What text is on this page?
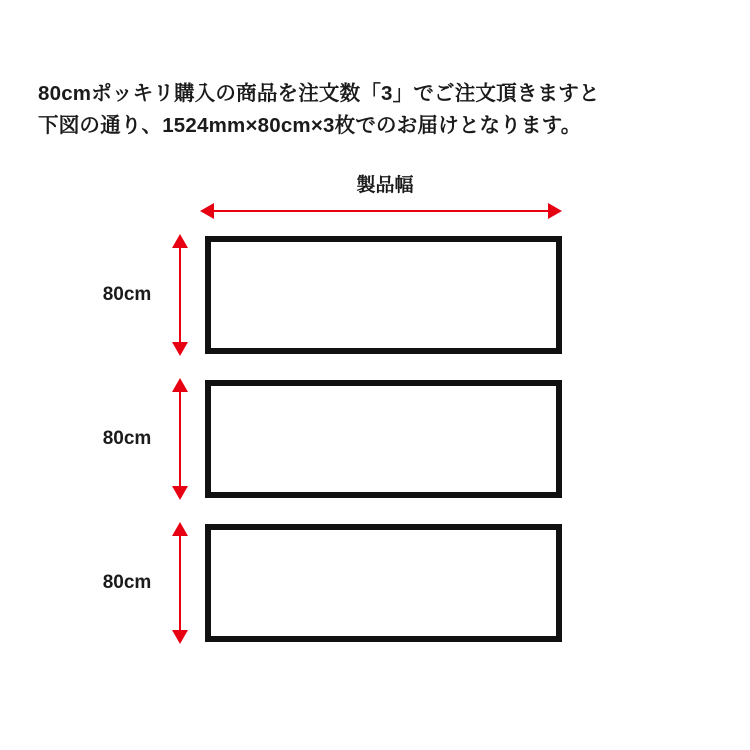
80cmポッキリ購入の商品を注文数「3」でご注文頂きますと
下図の通り、1524mm×80cm×3枚でのお届けとなります。
製品幅
80cm
80cm
80cm
